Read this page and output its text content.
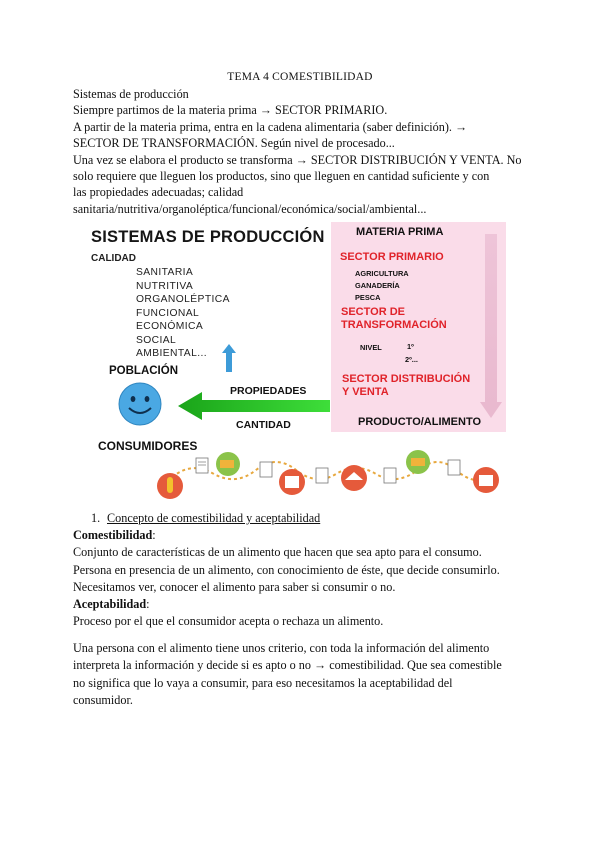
TEMA 4 COMESTIBILIDAD

Sistemas de producción

Siempre partimos de la materia prima → SECTOR PRIMARIO.

A partir de la materia prima, entra en la cadena alimentaria (saber definición). →

SECTOR DE TRANSFORMACIÓN. Según nivel de procesado...

Una vez se elabora el producto se transforma → SECTOR DISTRIBUCIÓN Y VENTA. No

solo requiere que lleguen los productos, sino que lleguen en cantidad suficiente y con

las propiedades adecuadas; calidad

sanitaria/nutritiva/organoléptica/funcional/económica/social/ambiental...

SISTEMAS DE PRODUCCIÓN
CALIDAD
SANITARIA
NUTRITIVA
ORGANOLÉPTICA
FUNCIONAL
ECONÓMICA
SOCIAL
AMBIENTAL...
MATERIA PRIMA
SECTOR PRIMARIO
AGRICULTURA
GANADERÍA
PESCA
SECTOR DE
TRANSFORMACIÓN
NIVEL	1º
2º...
SECTOR DISTRIBUCIÓN
Y VENTA
PRODUCTO/ALIMENTO
POBLACIÓN
PROPIEDADES
CANTIDAD
CONSUMIDORES
1. Concepto de comestibilidad y aceptabilidad

Comestibilidad:

Conjunto de características de un alimento que hacen que sea apto para el consumo.

Persona en presencia de un alimento, con conocimiento de éste, que decide consumirlo.

Necesitamos ver, conocer el alimento para saber si consumir o no.

Aceptabilidad:

Proceso por el que el consumidor acepta o rechaza un alimento.

Una persona con el alimento tiene unos criterio, con toda la información del alimento

interpreta la información y decide si es apto o no → comestibilidad. Que sea comestible

no significa que lo vaya a consumir, para eso necesitamos la aceptabilidad del

consumidor.
